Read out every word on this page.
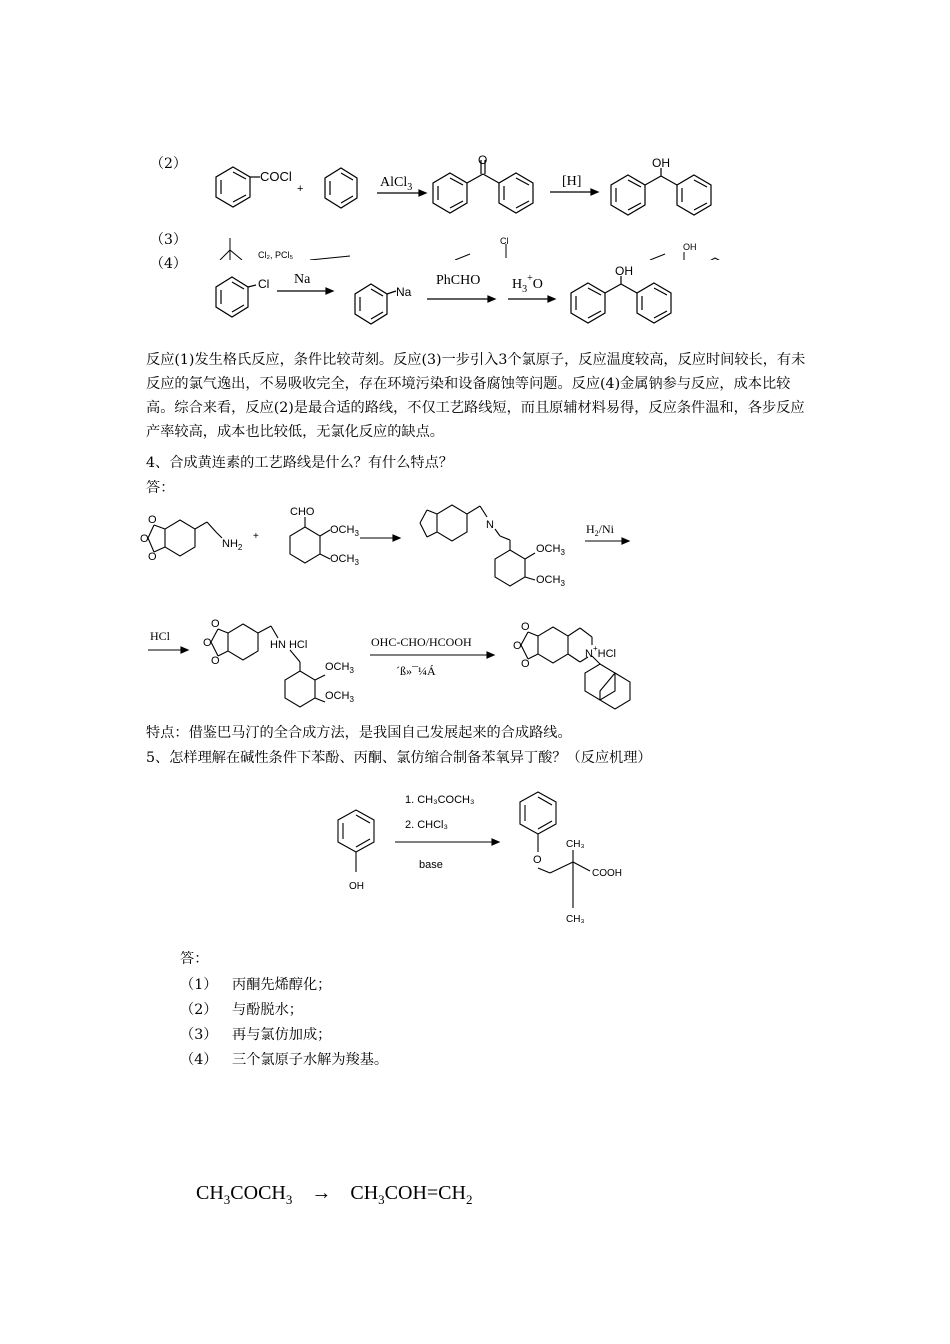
（2）
COCl
+	AlCl$_3$
O
[H]
OH
（3）
Cl₂, PCl₅
Cl
OH
（4）
Cl Na
Na
PhCHO $H_3^+O$
OH
反应(1)发生格氏反应，条件比较苛刻。反应(3)一步引入3个氯原子，反应温度较高，反应时间较长，有未反应的氯气逸出，不易吸收完全，存在环境污染和设备腐蚀等问题。反应(4)金属钠参与反应，成本比较高。综合来看，反应(2)是最合适的路线，不仅工艺路线短，而且原辅材料易得，反应条件温和，各步反应产率较高，成本也比较低，无氯化反应的缺点。
4、合成黄连素的工艺路线是什么？有什么特点？
答：
O
O
O
$NH_2$
+
CHO
$OCH_3$
$OCH_3$
N
$OCH_3$
$OCH_3$
$H_2/Ni$
HCl
O
O
O
HN HCl
$OCH_3$
$OCH_3$
OHC-CHO/HCOOH
´ß»¯¼Á
O
O
O
N+HCl
特点：借鉴巴马汀的全合成方法，是我国自己发展起来的合成路线。
5、怎样理解在碱性条件下苯酚、丙酮、氯仿缩合制备苯氧异丁酸？（反应机理）
OH
1. CH₃COCH₃
2. CHCl₃
base	O
CH₃
COOH
CH₃
答：
（1） 丙酮先烯醇化；
（2） 与酚脱水；
（3） 再与氯仿加成；
（4） 三个氯原子水解为羧基。
$CH_3COCH_3 \to CH_3COH=CH_2$
